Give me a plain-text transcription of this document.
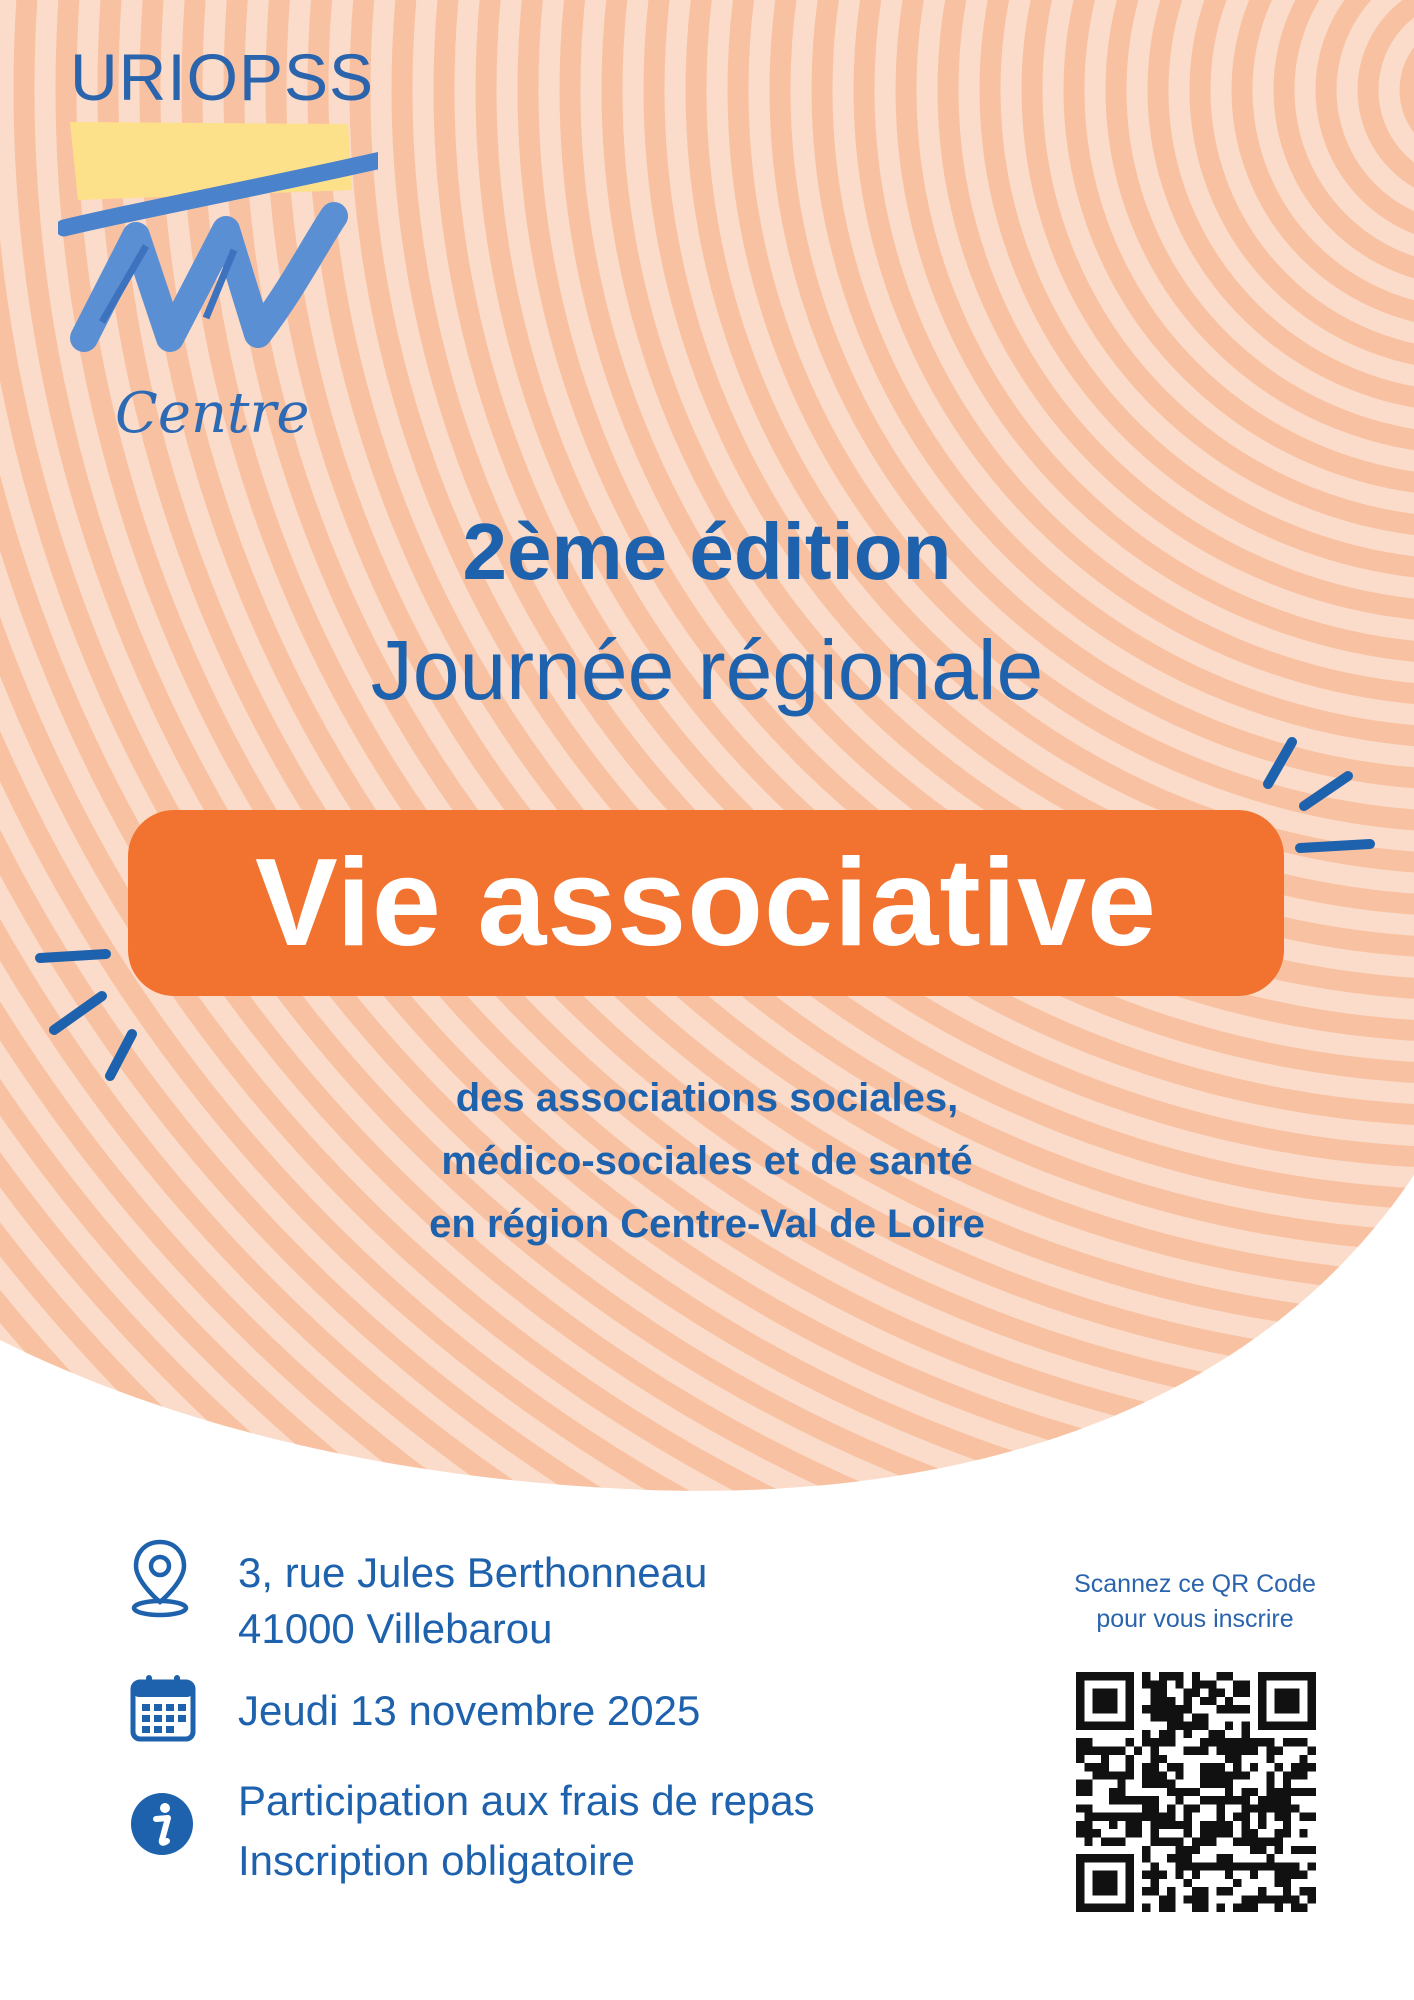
URIOPSS
Centre
2ème édition
Journée régionale
Vie associative
des associations sociales,
médico-sociales et de santé
en région Centre-Val de Loire
3, rue Jules Berthonneau
41000 Villebarou
Jeudi 13 novembre 2025
Participation aux frais de repas
Inscription obligatoire
Scannez ce QR Code
pour vous inscrire
